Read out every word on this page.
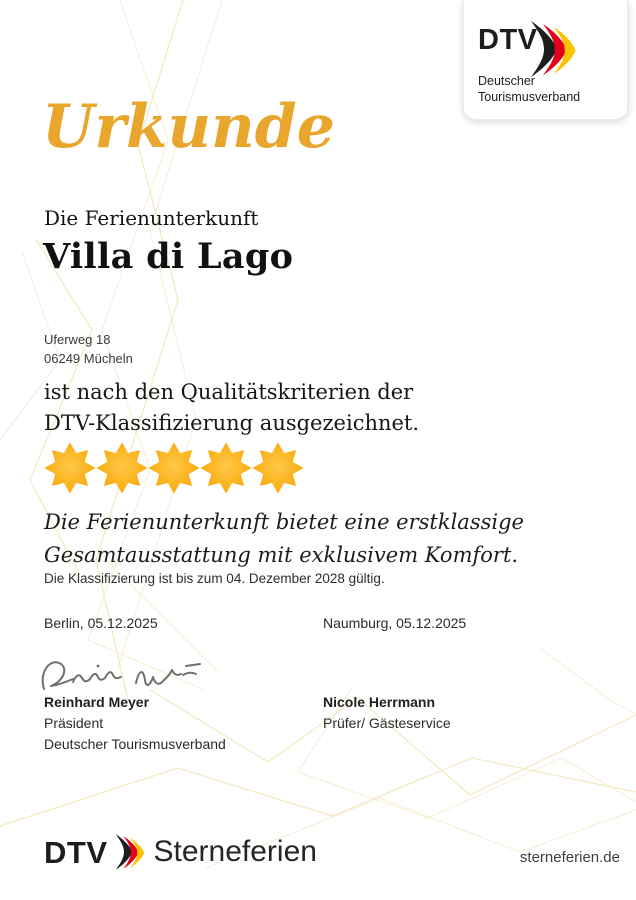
DTV
Deutscher
Tourismusverband
Urkunde
Die Ferienunterkunft
Villa di Lago
Uferweg 18
06249 Mücheln
ist nach den Qualitätskriterien der
DTV-Klassifizierung ausgezeichnet.
Die Ferienunterkunft bietet eine erstklassige
Gesamtausstattung mit exklusivem Komfort.
Die Klassifizierung ist bis zum 04. Dezember 2028 gültig.
Berlin, 05.12.2025	Naumburg, 05.12.2025
Reinhard Meyer
Präsident
Deutscher Tourismusverband
Nicole Herrmann
Prüfer/ Gästeservice
DTV Sterneferien	sterneferien.de
